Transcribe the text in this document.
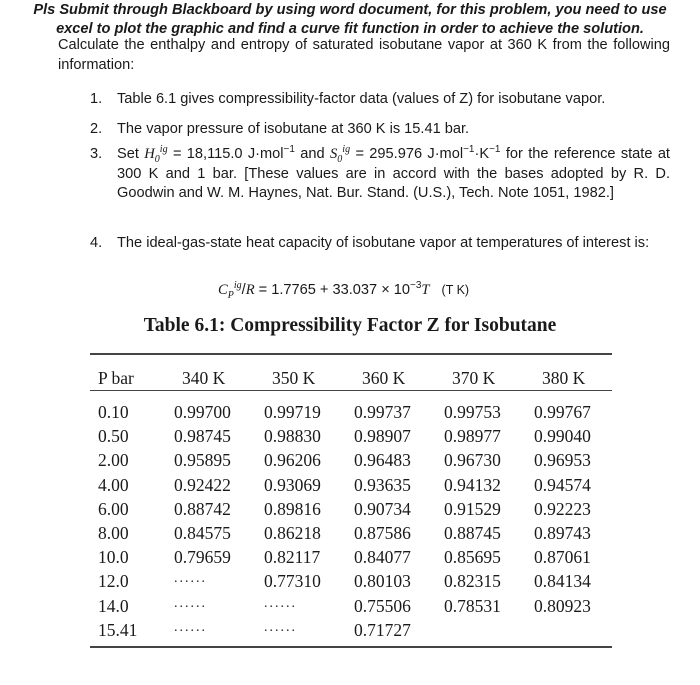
Pls Submit through Blackboard by using word document, for this problem, you need to use
excel to plot the graphic and find a curve fit function in order to achieve the solution.
Calculate the enthalpy and entropy of saturated isobutane vapor at 360 K from the following information:
1. Table 6.1 gives compressibility-factor data (values of Z) for isobutane vapor.
2. The vapor pressure of isobutane at 360 K is 15.41 bar.
3. Set $H_0^{ig} = 18,115.0$ J·mol$^{-1}$ and $S_0^{ig} = 295.976$ $J\cdot mol^{-1}\cdot K^{-1}$ for the reference state at 300 K and 1 bar. [These values are in accord with the bases adopted by R. D. Goodwin and W. M. Haynes, Nat. Bur. Stand. (U.S.), Tech. Note 1051, 1982.]
4. The ideal-gas-state heat capacity of isobutane vapor at temperatures of interest is:
$C_P^{ig}/R = 1.7765 + 33.037 \times 10^{-3}T$ (T K)
Table 6.1: Compressibility Factor Z for Isobutane
P bar	340 K	350 K	360 K	370 K	380 K
0.10	0.99700 0.99719 0.99737 0.99753 0.99767
0.50	0.98745 0.98830 0.98907 0.98977 0.99040
2.00	0.95895 0.96206 0.96483 0.96730 0.96953
4.00	0.92422 0.93069 0.93635 0.94132 0.94574
6.00	0.88742 0.89816 0.90734 0.91529 0.92223
8.00	0.84575 0.86218 0.87586 0.88745 0.89743
10.0	0.79659 0.82117 0.84077 0.85695 0.87061
12.0	......	0.77310 0.80103 0.82315 0.84134
14.0	......	......	0.75506 0.78531 0.80923
15.41	......	......	0.71727
